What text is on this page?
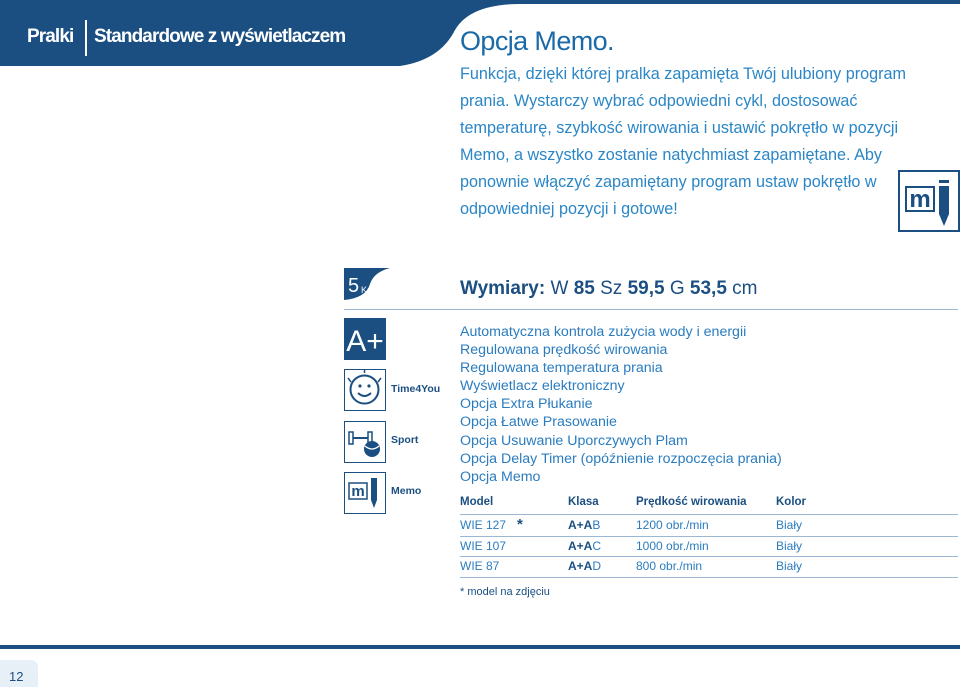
Pralki Standardowe z wyświetlaczem	Opcja Memo.
Funkcja, dzięki której pralka zapamięta Twój ulubiony program prania. Wystarczy wybrać odpowiedni cykl, dostosować temperaturę, szybkość wirowania i ustawić pokrętło w pozycji Memo, a wszystko zostanie natychmiast zapamiętane. Aby ponownie włączyć zapamiętany program ustaw pokrętło w odpowiedniej pozycji i gotowe!	m
5 Kg	Wymiary: W 85 Sz 59,5 G 53,5 cm
A+
Time4You
Sport
m	Memo
Automatyczna kontrola zużycia wody i energii
Regulowana prędkość wirowania
Regulowana temperatura prania
Wyświetlacz elektroniczny
Opcja Extra Płukanie
Opcja Łatwe Prasowanie
Opcja Usuwanie Uporczywych Plam
Opcja Delay Timer (opóźnienie rozpoczęcia prania)
Opcja Memo
Model	Klasa	Prędkość wirowania	Kolor
WIE 127 *	A+AB	1200 obr./min	Biały
WIE 107	A+AC	1000 obr./min	Biały
WIE 87	A+AD	800 obr./min	Biały
* model na zdjęciu
12
